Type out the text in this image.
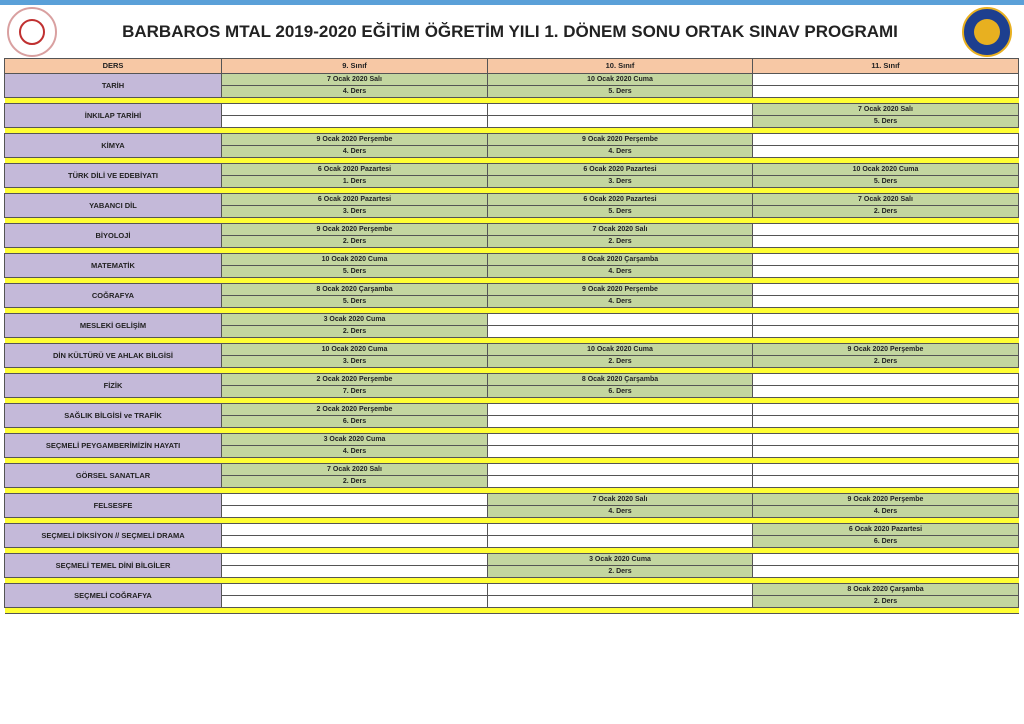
BARBAROS MTAL 2019-2020 EĞİTİM ÖĞRETİM YILI 1. DÖNEM SONU ORTAK SINAV PROGRAMI
DERS	9. Sınıf	10. Sınıf	11. Sınıf
TARİH	7 Ocak 2020 Salı	10 Ocak 2020 Cuma	
	4. Ders	5. Ders	

İNKILAP TARİHİ			7 Ocak 2020 Salı
			5. Ders

KİMYA	9 Ocak 2020 Perşembe	9 Ocak 2020 Perşembe	
	4. Ders	4. Ders	

TÜRK DİLİ VE EDEBİYATI	6 Ocak 2020 Pazartesi	6 Ocak 2020 Pazartesi	10 Ocak 2020 Cuma
	1. Ders	3. Ders	5. Ders

YABANCI DİL	6 Ocak 2020 Pazartesi	6 Ocak 2020 Pazartesi	7 Ocak 2020 Salı
	3. Ders	5. Ders	2. Ders

BİYOLOJİ	9 Ocak 2020 Perşembe	7 Ocak 2020 Salı	
	2. Ders	2. Ders	

MATEMATİK	10 Ocak 2020 Cuma	8 Ocak 2020 Çarşamba	
	5. Ders	4. Ders	

COĞRAFYA	8 Ocak 2020 Çarşamba	9 Ocak 2020 Perşembe	
	5. Ders	4. Ders	

MESLEKİ GELİŞİM	3 Ocak 2020 Cuma		
	2. Ders		

DİN KÜLTÜRÜ VE AHLAK BİLGİSİ	10 Ocak 2020 Cuma	10 Ocak 2020 Cuma	9 Ocak 2020 Perşembe
	3. Ders	2. Ders	2. Ders

FİZİK	2 Ocak 2020 Perşembe	8 Ocak 2020 Çarşamba	
	7. Ders	6. Ders	

SAĞLIK BİLGİSİ ve TRAFİK	2 Ocak 2020 Perşembe		
	6. Ders		

SEÇMELİ PEYGAMBERİMİZİN HAYATI	3 Ocak 2020 Cuma		
	4. Ders		

GÖRSEL SANATLAR	7 Ocak 2020 Salı		
	2. Ders		

FELSESFE		7 Ocak 2020 Salı	9 Ocak 2020 Perşembe
		4. Ders	4. Ders

SEÇMELİ DİKSİYON // SEÇMELİ DRAMA			6 Ocak 2020 Pazartesi
			6. Ders

SEÇMELİ TEMEL DİNİ BİLGİLER		3 Ocak 2020 Cuma	
		2. Ders	

SEÇMELİ COĞRAFYA			8 Ocak 2020 Çarşamba
			2. Ders
